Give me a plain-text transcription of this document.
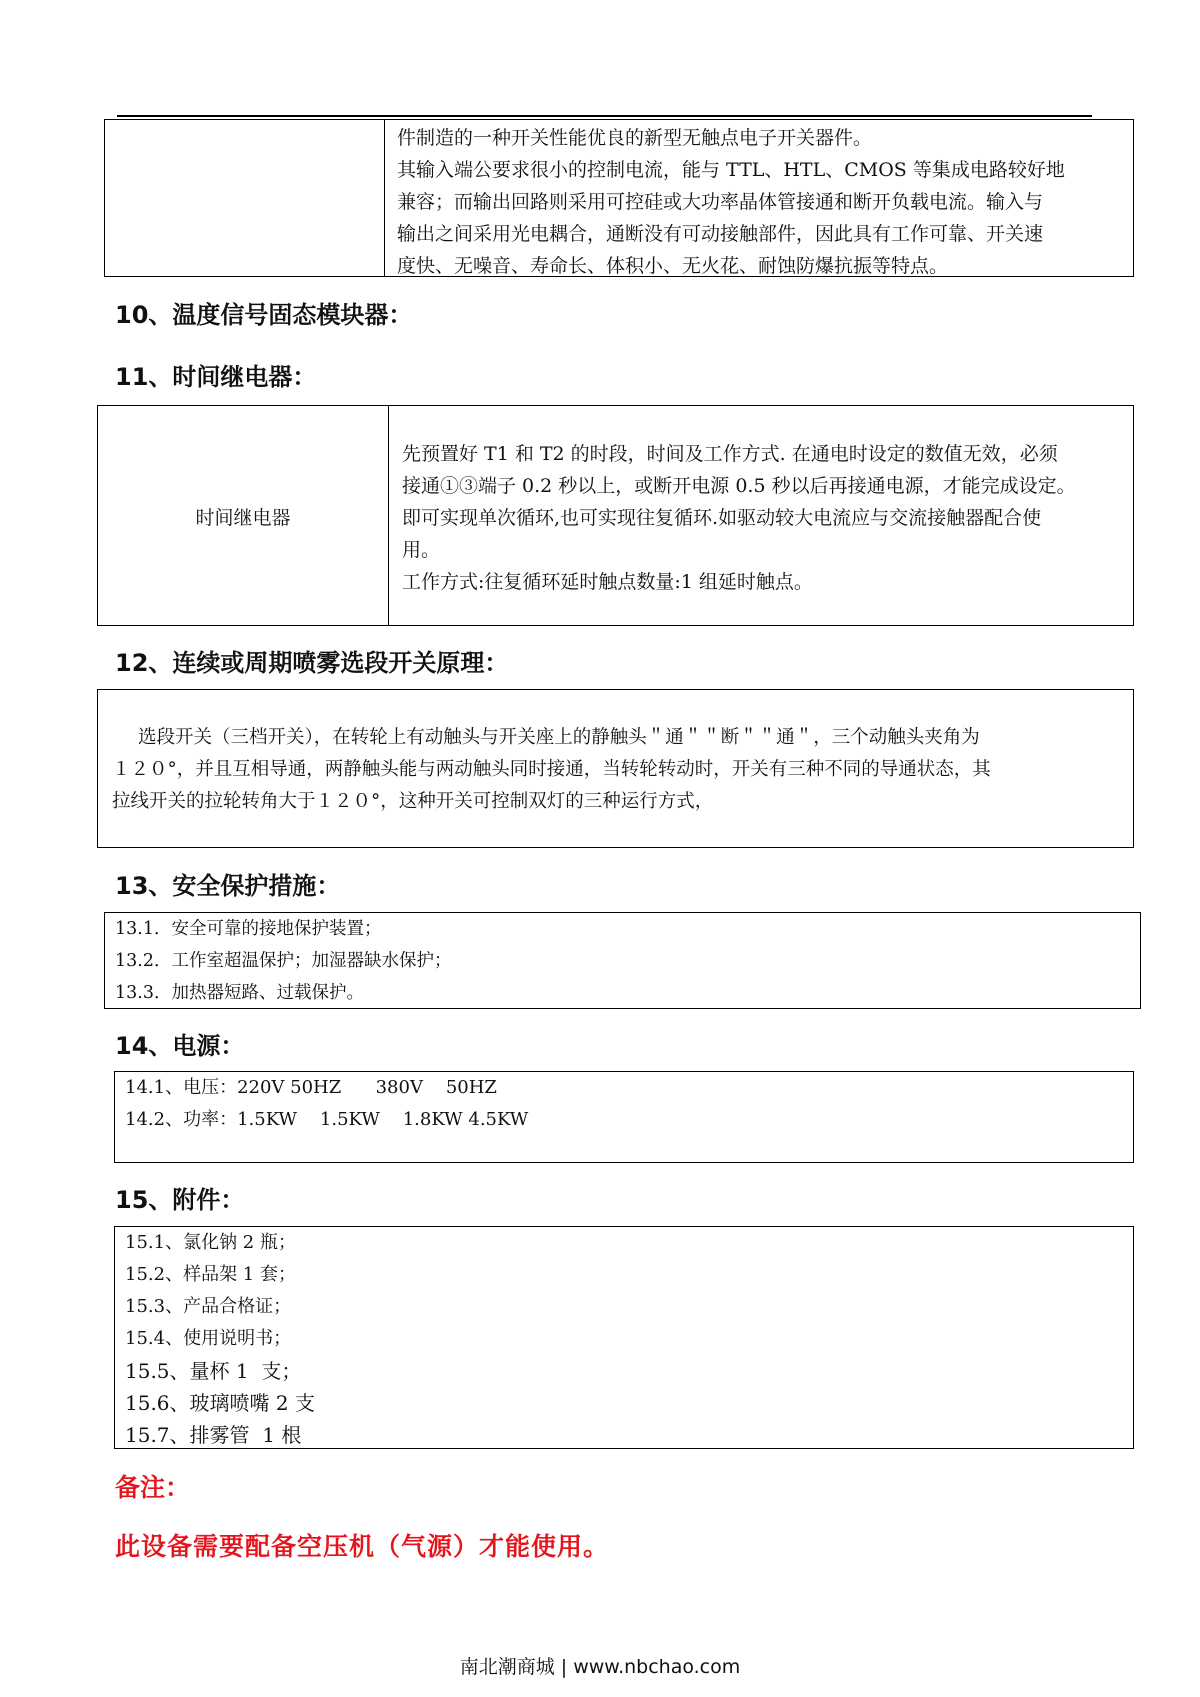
件制造的一种开关性能优良的新型无触点电子开关器件。
其输入端公要求很小的控制电流，能与 TTL、HTL、CMOS 等集成电路较好地
兼容；而输出回路则采用可控硅或大功率晶体管接通和断开负载电流。输入与
输出之间采用光电耦合，通断没有可动接触部件，因此具有工作可靠、开关速
度快、无噪音、寿命长、体积小、无火花、耐蚀防爆抗振等特点。
10、温度信号固态模块器：
11、时间继电器：
时间继电器
先预置好 T1 和 T2 的时段，时间及工作方式. 在通电时设定的数值无效，必须
接通①③端子 0.2 秒以上，或断开电源 0.5 秒以后再接通电源，才能完成设定。
即可实现单次循环,也可实现往复循环.如驱动较大电流应与交流接触器配合使
用。
工作方式:往复循环延时触点数量:1 组延时触点。
12、连续或周期喷雾选段开关原理：
选段开关（三档开关），在转轮上有动触头与开关座上的静触头＂通＂＂断＂＂通＂，三个动触头夹角为
１２０°，并且互相导通，两静触头能与两动触头同时接通，当转轮转动时，开关有三种不同的导通状态，其
拉线开关的拉轮转角大于１２０°，这种开关可控制双灯的三种运行方式，
13、安全保护措施：
13.1．安全可靠的接地保护装置；
13.2．工作室超温保护；加湿器缺水保护；
13.3．加热器短路、过载保护。
14、电源：
14.1、电压：220V 50HZ      380V    50HZ
14.2、功率：1.5KW    1.5KW    1.8KW 4.5KW
15、附件：
15.1、氯化钠 2 瓶；
15.2、样品架 1 套；
15.3、产品合格证；
15.4、使用说明书；
15.5、量杯 1  支；
15.6、玻璃喷嘴 2 支
15.7、排雾管  1 根
备注：
此设备需要配备空压机（气源）才能使用。
南北潮商城 | www.nbchao.com
